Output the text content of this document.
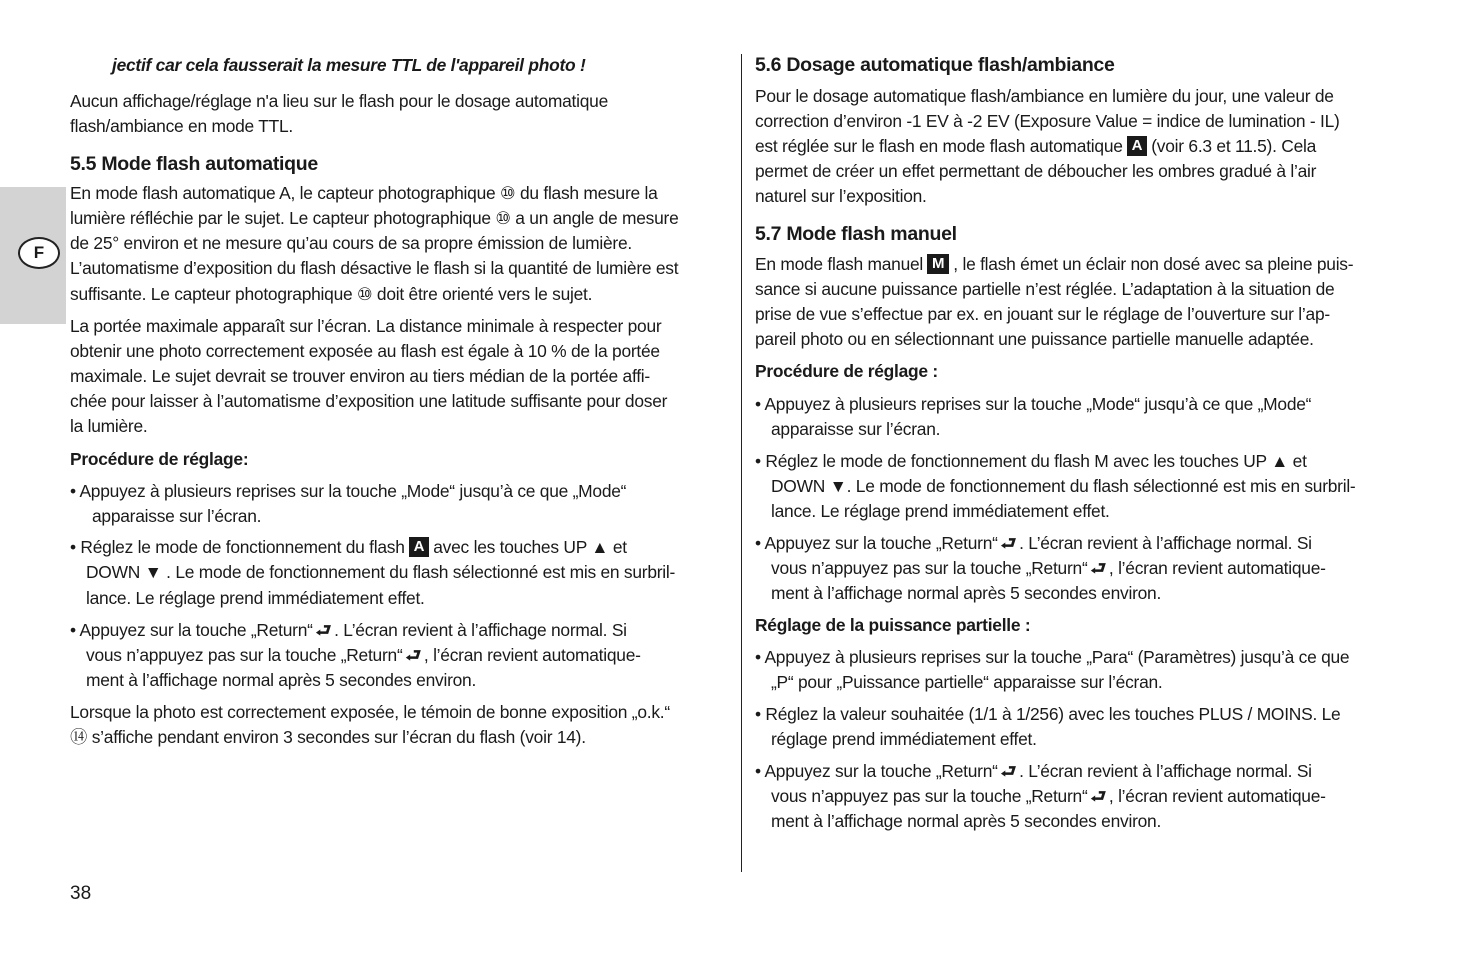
F

jectif car cela fausserait la mesure TTL de l'appareil photo !

Aucun affichage/réglage n'a lieu sur le flash pour le dosage automatique

flash/ambiance en mode TTL.

5.5 Mode flash automatique

En mode flash automatique A, le capteur photographique ⑩ du flash mesure la

lumière réfléchie par le sujet. Le capteur photographique ⑩ a un angle de mesure

de 25° environ et ne mesure qu’au cours de sa propre émission de lumière.

L’automatisme d’exposition du flash désactive le flash si la quantité de lumière est

suffisante. Le capteur photographique ⑩ doit être orienté vers le sujet.

La portée maximale apparaît sur l’écran. La distance minimale à respecter pour

obtenir une photo correctement exposée au flash est égale à 10 % de la portée

maximale. Le sujet devrait se trouver environ au tiers médian de la portée affi-

chée pour laisser à l’automatisme d’exposition une latitude suffisante pour doser

la lumière.

Procédure de réglage:

• Appuyez à plusieurs reprises sur la touche „Mode“ jusqu’à ce que „Mode“

apparaisse sur l’écran.

• Réglez le mode de fonctionnement du flash A avec les touches UP ▲ et

DOWN ▼ . Le mode de fonctionnement du flash sélectionné est mis en surbril-

lance. Le réglage prend immédiatement effet.

• Appuyez sur la touche „Return“ ⮐ . L’écran revient à l’affichage normal. Si

vous n’appuyez pas sur la touche „Return“ ⮐ , l’écran revient automatique-

ment à l’affichage normal après 5 secondes environ.

Lorsque la photo est correctement exposée, le témoin de bonne exposition „o.k.“

⑭ s’affiche pendant environ 3 secondes sur l’écran du flash (voir 14).

5.6 Dosage automatique flash/ambiance

Pour le dosage automatique flash/ambiance en lumière du jour, une valeur de

correction d’environ -1 EV à -2 EV (Exposure Value = indice de lumination - IL)

est réglée sur le flash en mode flash automatique A (voir 6.3 et 11.5). Cela

permet de créer un effet permettant de déboucher les ombres gradué à l’air

naturel sur l’exposition.

5.7 Mode flash manuel

En mode flash manuel M , le flash émet un éclair non dosé avec sa pleine puis-

sance si aucune puissance partielle n’est réglée. L’adaptation à la situation de

prise de vue s’effectue par ex. en jouant sur le réglage de l’ouverture sur l’ap-

pareil photo ou en sélectionnant une puissance partielle manuelle adaptée.

Procédure de réglage :

• Appuyez à plusieurs reprises sur la touche „Mode“ jusqu’à ce que „Mode“

apparaisse sur l’écran.

• Réglez le mode de fonctionnement du flash M avec les touches UP ▲ et

DOWN ▼. Le mode de fonctionnement du flash sélectionné est mis en surbril-

lance. Le réglage prend immédiatement effet.

• Appuyez sur la touche „Return“ ⮐ . L’écran revient à l’affichage normal. Si

vous n’appuyez pas sur la touche „Return“ ⮐ , l’écran revient automatique-

ment à l’affichage normal après 5 secondes environ.

Réglage de la puissance partielle :

• Appuyez à plusieurs reprises sur la touche „Para“ (Paramètres) jusqu’à ce que

„P“ pour „Puissance partielle“ apparaisse sur l’écran.

• Réglez la valeur souhaitée (1/1 à 1/256) avec les touches PLUS / MOINS. Le

réglage prend immédiatement effet.

• Appuyez sur la touche „Return“ ⮐ . L’écran revient à l’affichage normal. Si

vous n’appuyez pas sur la touche „Return“ ⮐ , l’écran revient automatique-

ment à l’affichage normal après 5 secondes environ.

38
